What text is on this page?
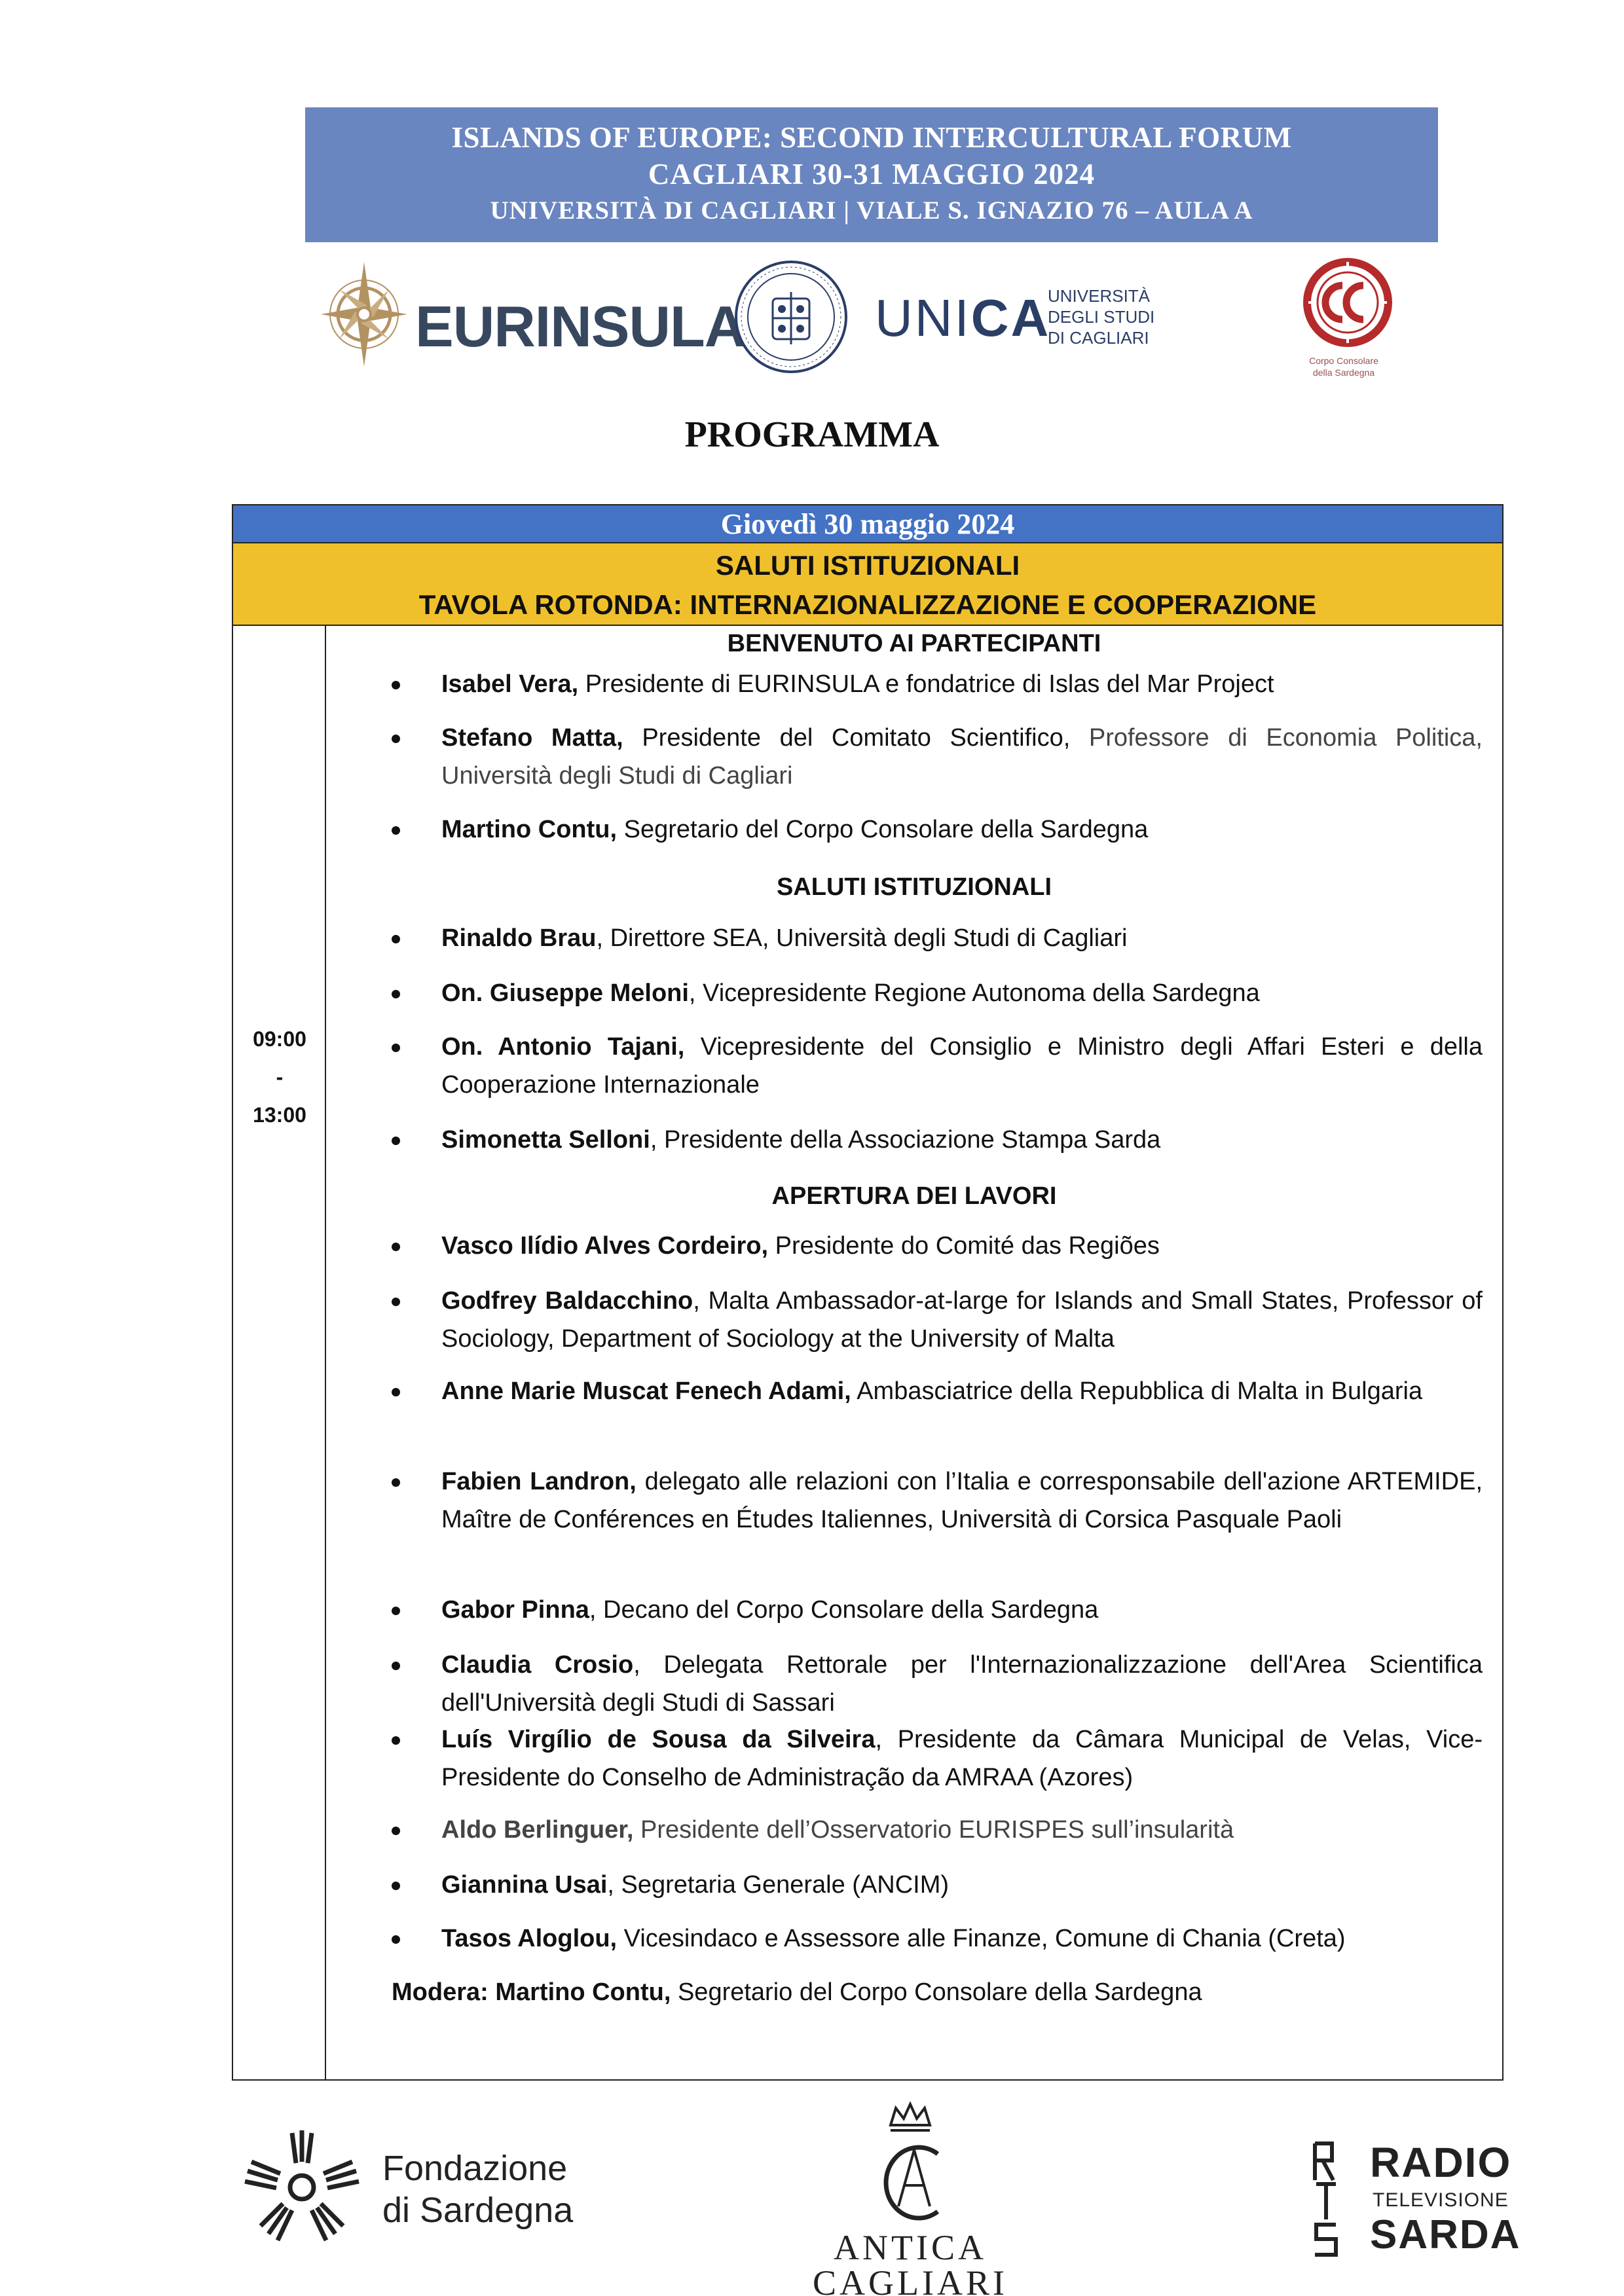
ISLANDS OF EUROPE: SECOND INTERCULTURAL FORUM
CAGLIARI 30-31 MAGGIO 2024
UNIVERSITÀ DI CAGLIARI | VIALE S. IGNAZIO 76 – AULA A
EURINSULA UNICA
UNIVERSITÀ
DEGLI STUDI
DI CAGLIARI
Corpo Consolare
della Sardegna
PROGRAMMA
Giovedì 30 maggio 2024
SALUTI ISTITUZIONALI
TAVOLA ROTONDA: INTERNAZIONALIZZAZIONE E COOPERAZIONE
09:00
-
13:00
BENVENUTO AI PARTECIPANTI
Isabel Vera, Presidente di EURINSULA e fondatrice di Islas del Mar Project
Stefano Matta, Presidente del Comitato Scientifico, Professore di Economia Politica, Università degli Studi di Cagliari
Martino Contu, Segretario del Corpo Consolare della Sardegna
SALUTI ISTITUZIONALI
Rinaldo Brau, Direttore SEA, Università degli Studi di Cagliari
On. Giuseppe Meloni, Vicepresidente Regione Autonoma della Sardegna
On. Antonio Tajani, Vicepresidente del Consiglio e Ministro degli Affari Esteri e della Cooperazione Internazionale
Simonetta Selloni, Presidente della Associazione Stampa Sarda
APERTURA DEI LAVORI
Vasco Ilídio Alves Cordeiro, Presidente do Comité das Regiões
Godfrey Baldacchino, Malta Ambassador-at-large for Islands and Small States, Professor of Sociology, Department of Sociology at the University of Malta
Anne Marie Muscat Fenech Adami, Ambasciatrice della Repubblica di Malta in Bulgaria
Fabien Landron, delegato alle relazioni con l’Italia e corresponsabile dell'azione ARTEMIDE, Maître de Conférences en Études Italiennes, Università di Corsica Pasquale Paoli
Gabor Pinna, Decano del Corpo Consolare della Sardegna
Claudia Crosio, Delegata Rettorale per l'Internazionalizzazione dell'Area Scientifica dell'Università degli Studi di Sassari
Luís Virgílio de Sousa da Silveira, Presidente da Câmara Municipal de Velas, Vice-Presidente do Conselho de Administração da AMRAA (Azores)
Aldo Berlinguer, Presidente dell’Osservatorio EURISPES sull’insularità
Giannina Usai, Segretaria Generale (ANCIM)
Tasos Aloglou, Vicesindaco e Assessore alle Finanze, Comune di Chania (Creta)
Modera: Martino Contu, Segretario del Corpo Consolare della Sardegna
Fondazione
di Sardegna
ANTICA
CAGLIARI
RADIO
TELEVISIONE
SARDA
